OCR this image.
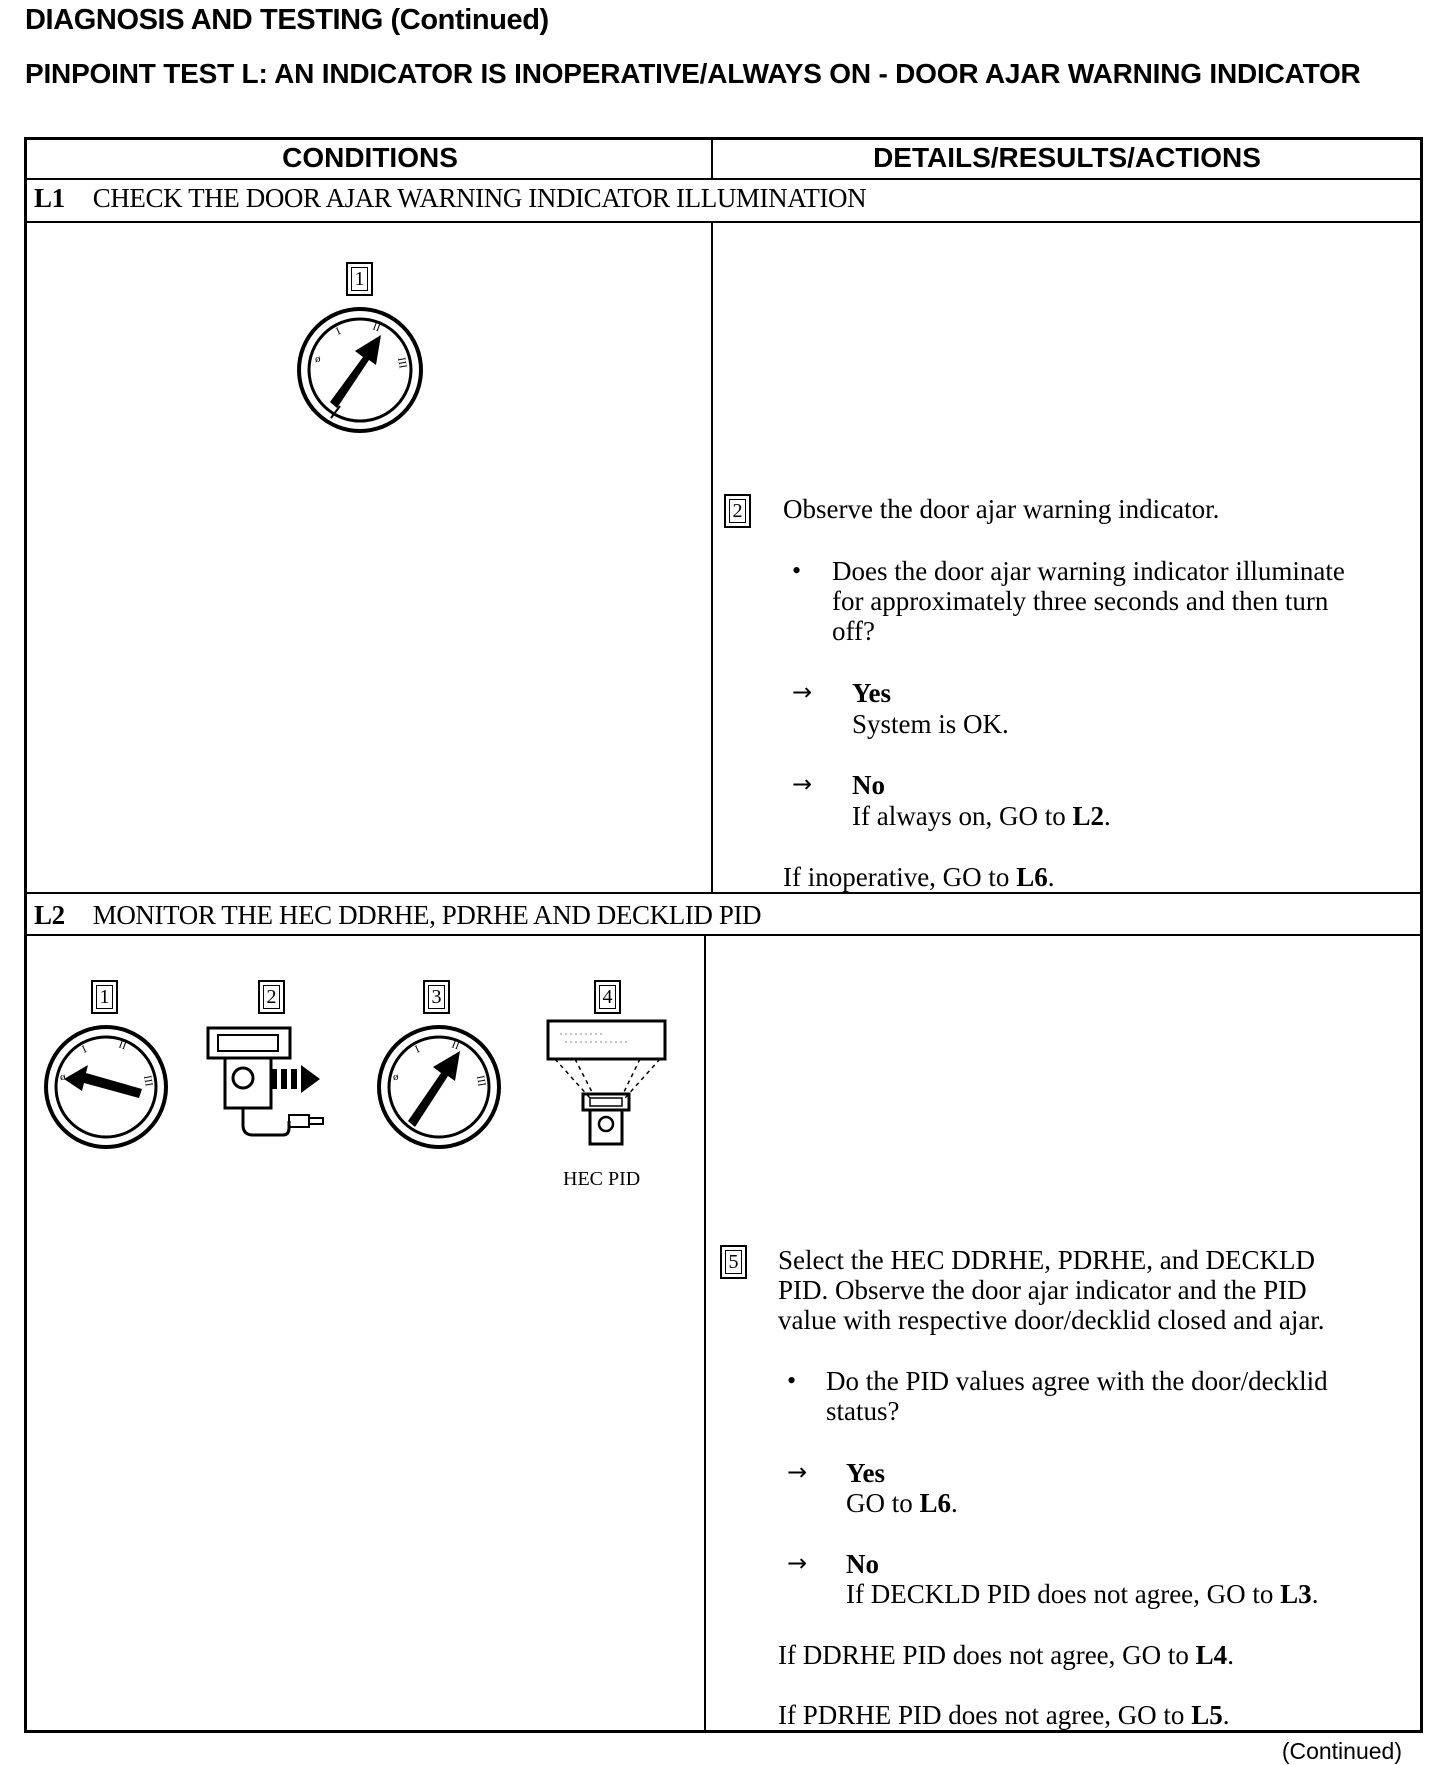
DIAGNOSIS AND TESTING (Continued)
PINPOINT TEST L: AN INDICATOR IS INOPERATIVE/ALWAYS ON - DOOR AJAR WARNING INDICATOR
CONDITIONS	DETAILS/RESULTS/ACTIONS
L1 CHECK THE DOOR AJAR WARNING INDICATOR ILLUMINATION
1
ø
I	II
III
2	Observe the door ajar warning indicator.
• Does the door ajar warning indicator illuminate
for approximately three seconds and then turn
off?
→ Yes
System is OK.
→ No
If always on, GO to L2.
If inoperative, GO to L6.
L2 MONITOR THE HEC DDRHE, PDRHE AND DECKLID PID
1
ø
I	II
III
2	3
ø
I	II
III
4
HEC PID
5	Select the HEC DDRHE, PDRHE, and DECKLD
PID. Observe the door ajar indicator and the PID
value with respective door/decklid closed and ajar.
• Do the PID values agree with the door/decklid
status?
→ Yes
GO to L6.
→ No
If DECKLD PID does not agree, GO to L3.
If DDRHE PID does not agree, GO to L4.
If PDRHE PID does not agree, GO to L5.
(Continued)
